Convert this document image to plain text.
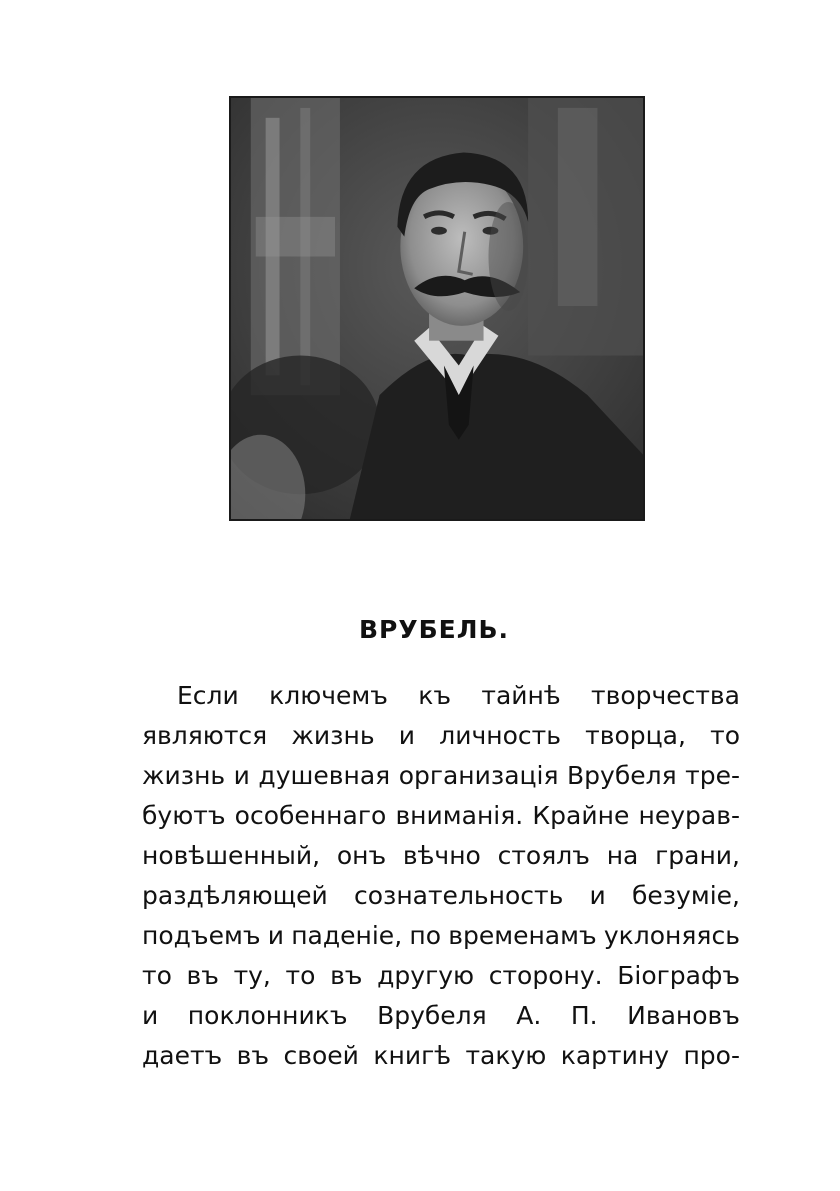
ВРУБЕЛЬ.
Если ключемъ къ тайнѣ творчества
являются жизнь и личность творца, то
жизнь и душевная организацiя Врубеля тре-
буютъ особеннаго вниманiя. Крайне неурав-
новѣшенный, онъ вѣчно стоялъ на грани,
раздѣляющей сознательность и безумiе,
подъемъ и паденiе, по временамъ уклоняясь
то въ ту, то въ другую сторону. Бiографъ
и поклонникъ Врубеля А. П. Ивановъ
даетъ въ своей книгѣ такую картину про-
